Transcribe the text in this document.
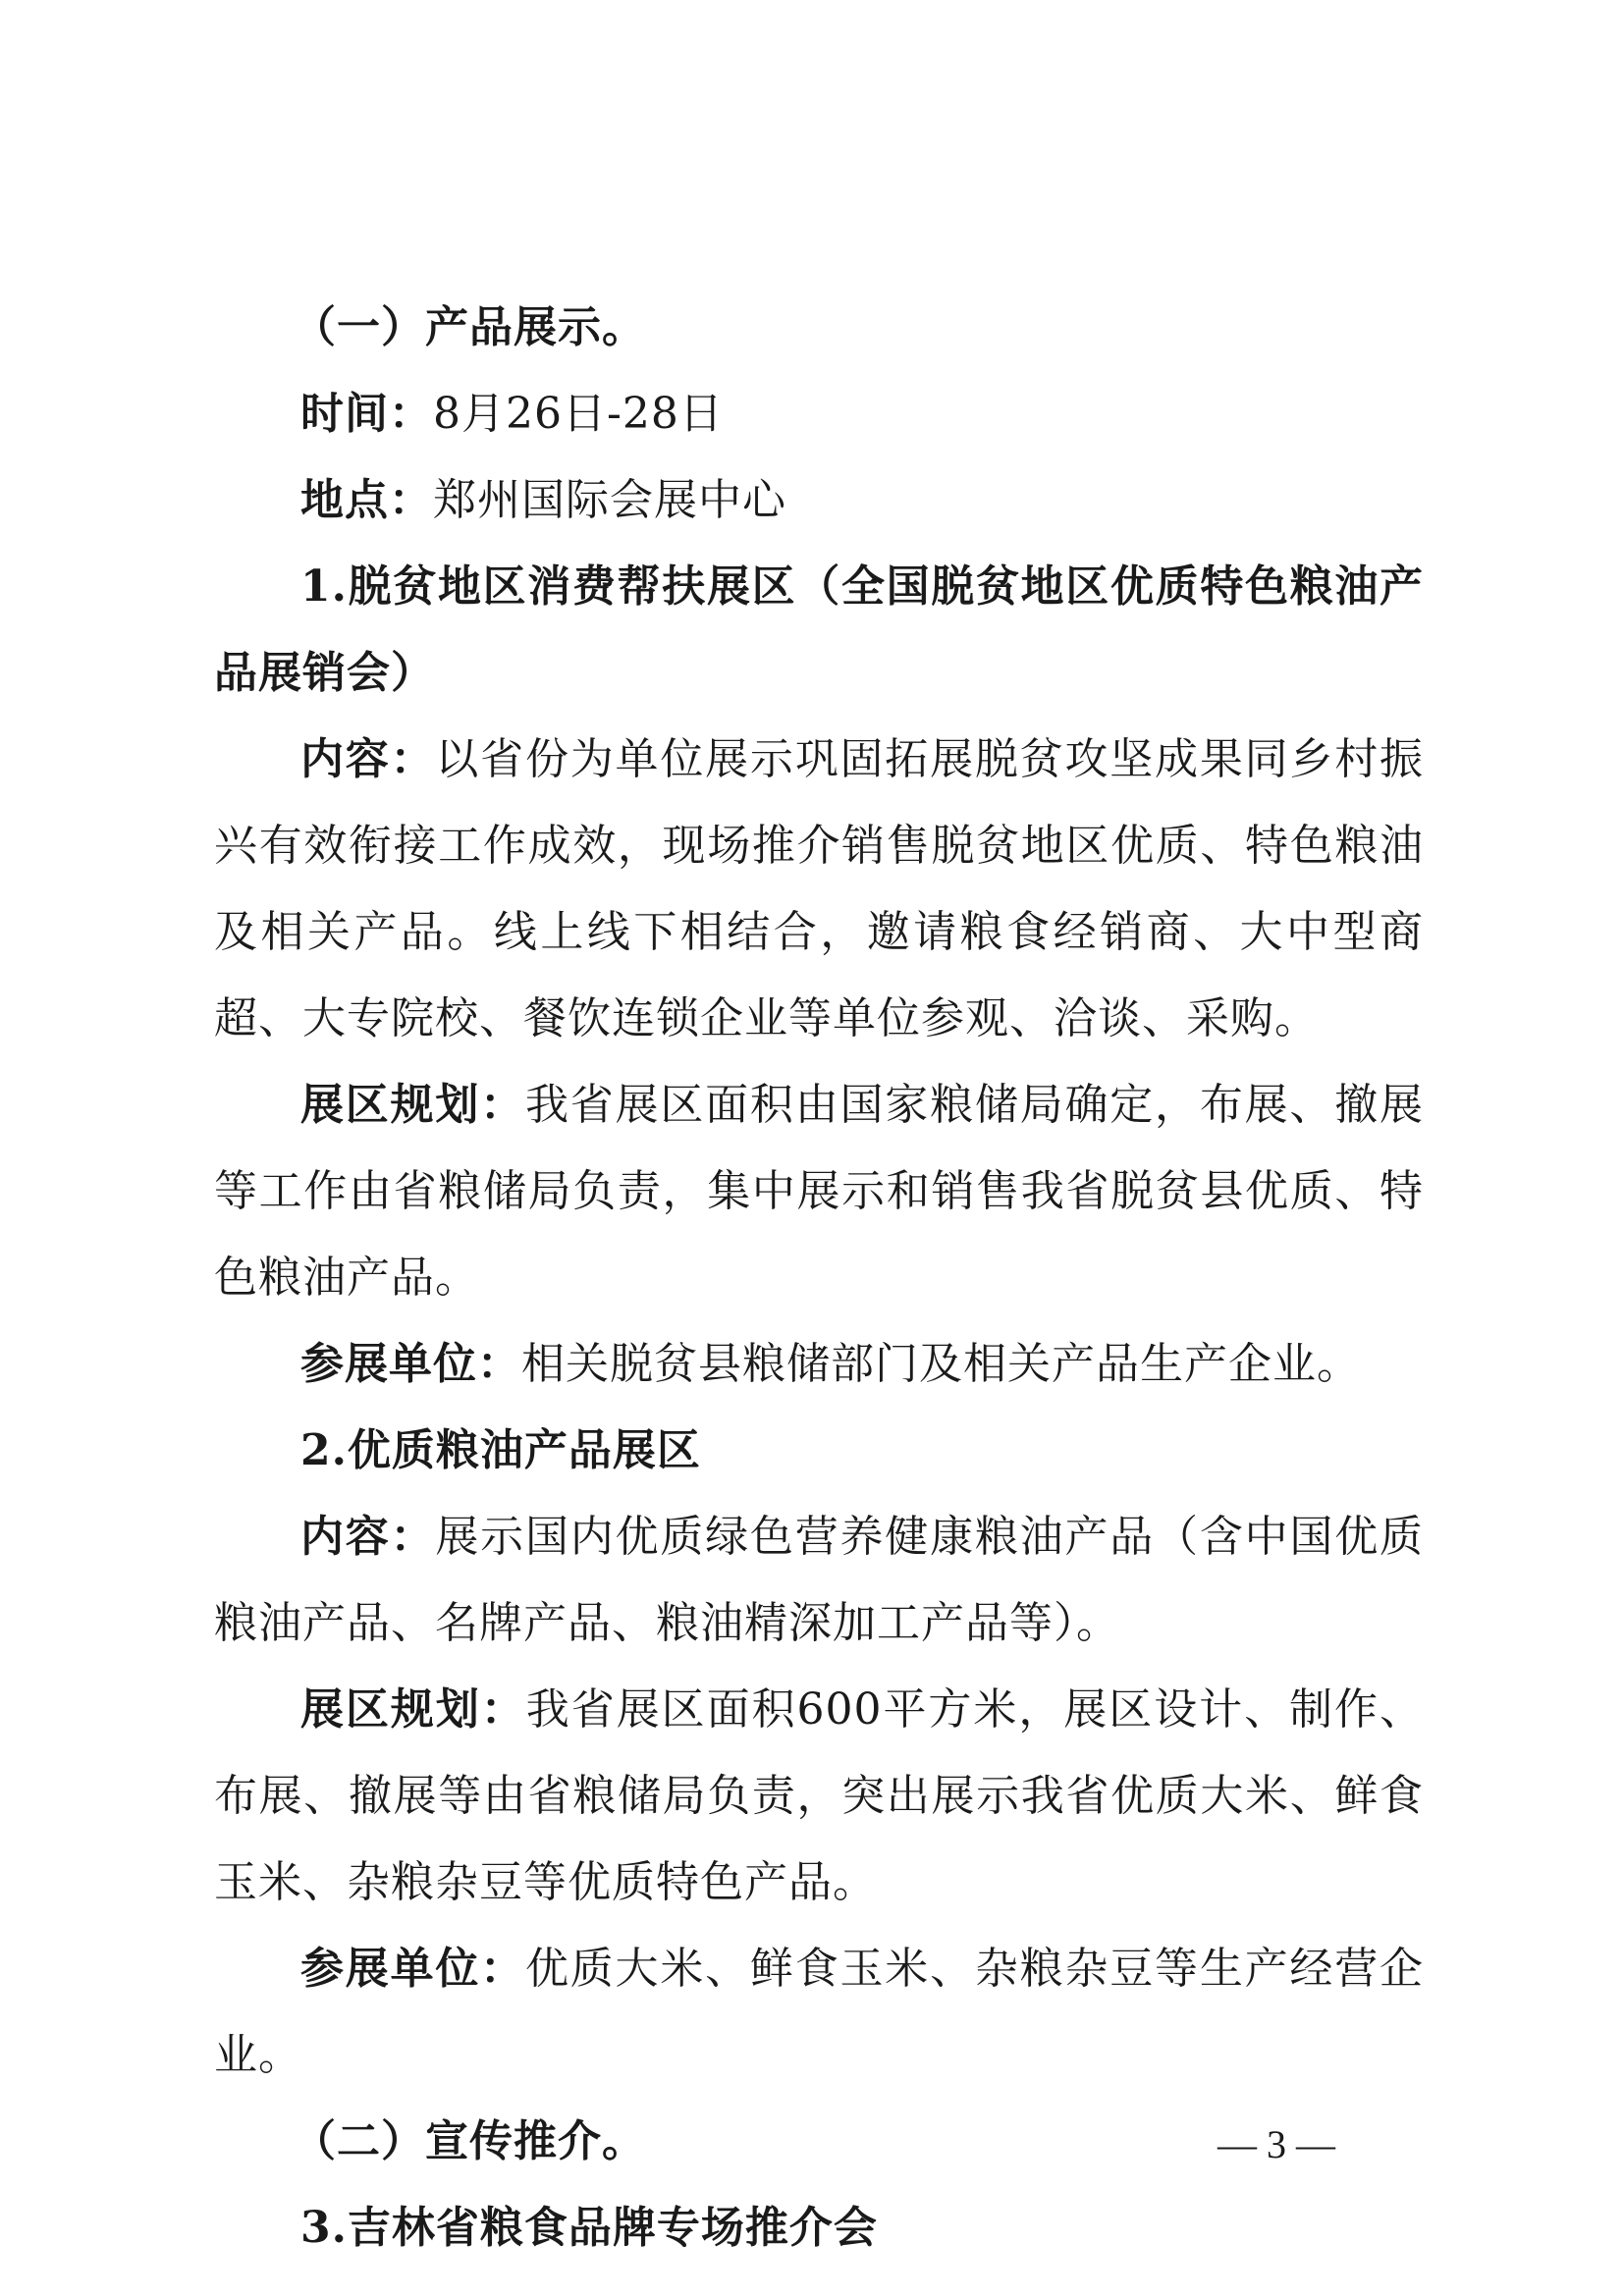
（一）产品展示。

时间：8月26日-28日

地点：郑州国际会展中心

1.脱贫地区消费帮扶展区（全国脱贫地区优质特色粮油产品展销会）

内容：以省份为单位展示巩固拓展脱贫攻坚成果同乡村振兴有效衔接工作成效，现场推介销售脱贫地区优质、特色粮油及相关产品。线上线下相结合，邀请粮食经销商、大中型商超、大专院校、餐饮连锁企业等单位参观、洽谈、采购。

展区规划：我省展区面积由国家粮储局确定，布展、撤展等工作由省粮储局负责，集中展示和销售我省脱贫县优质、特色粮油产品。

参展单位：相关脱贫县粮储部门及相关产品生产企业。

2.优质粮油产品展区

内容：展示国内优质绿色营养健康粮油产品（含中国优质粮油产品、名牌产品、粮油精深加工产品等）。

展区规划：我省展区面积600平方米，展区设计、制作、布展、撤展等由省粮储局负责，突出展示我省优质大米、鲜食玉米、杂粮杂豆等优质特色产品。

参展单位：优质大米、鲜食玉米、杂粮杂豆等生产经营企业。

（二）宣传推介。

3.吉林省粮食品牌专场推介会

— 3 —
